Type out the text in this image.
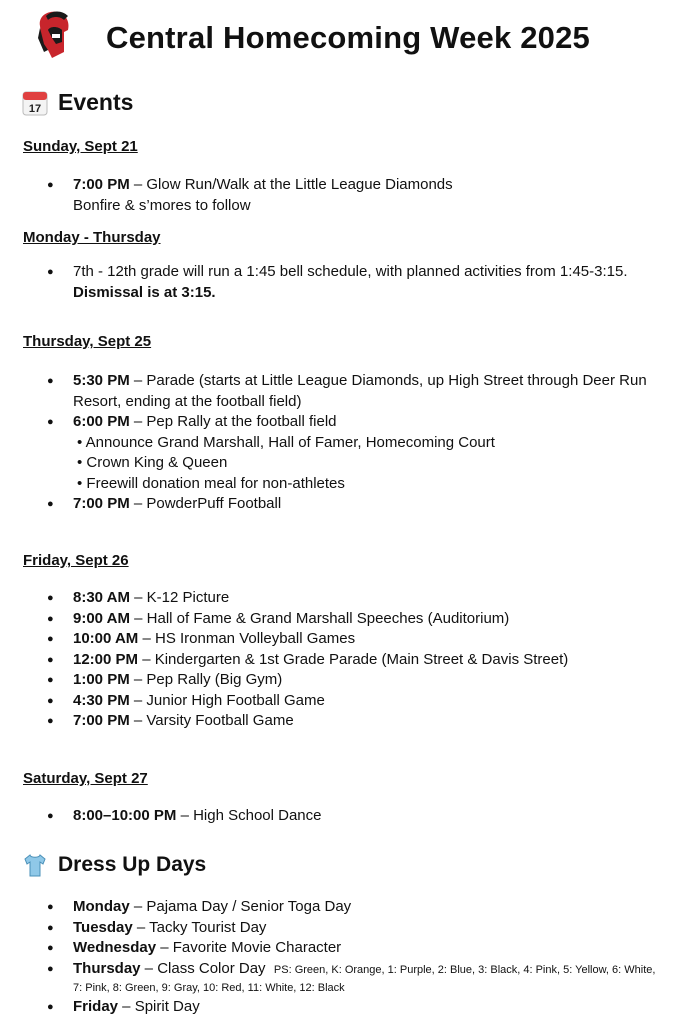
Central Homecoming Week 2025
17 Events
Sunday, Sept 21
● 7:00 PM – Glow Run/Walk at the Little League Diamonds
Bonfire & s’mores to follow
Monday - Thursday
● 7th - 12th grade will run a 1:45 bell schedule, with planned activities from 1:45-3:15.
Dismissal is at 3:15.
Thursday, Sept 25
● 5:30 PM – Parade (starts at Little League Diamonds, up High Street through Deer Run Resort, ending at the football field)
● 6:00 PM – Pep Rally at the football field
• Announce Grand Marshall, Hall of Famer, Homecoming Court
• Crown King & Queen
• Freewill donation meal for non-athletes
● 7:00 PM – PowderPuff Football
Friday, Sept 26
● 8:30 AM – K-12 Picture
● 9:00 AM – Hall of Fame & Grand Marshall Speeches (Auditorium)
● 10:00 AM – HS Ironman Volleyball Games
● 12:00 PM – Kindergarten & 1st Grade Parade (Main Street & Davis Street)
● 1:00 PM – Pep Rally (Big Gym)
● 4:30 PM – Junior High Football Game
● 7:00 PM – Varsity Football Game
Saturday, Sept 27
● 8:00–10:00 PM – High School Dance
Dress Up Days
● Monday – Pajama Day / Senior Toga Day
● Tuesday – Tacky Tourist Day
● Wednesday – Favorite Movie Character
● Thursday – Class Color Day PS: Green, K: Orange, 1: Purple, 2: Blue, 3: Black, 4: Pink, 5: Yellow, 6: White,
7: Pink, 8: Green, 9: Gray, 10: Red, 11: White, 12: Black
● Friday – Spirit Day
